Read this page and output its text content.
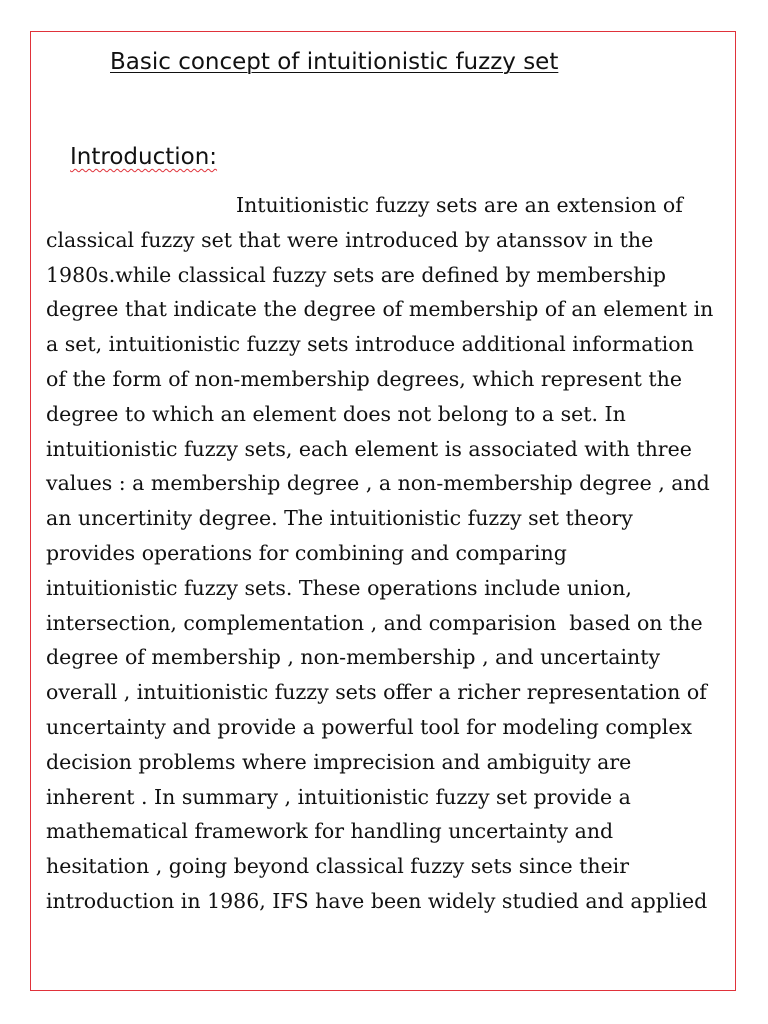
Basic concept of intuitionistic fuzzy set
Introduction:
Intuitionistic fuzzy sets are an extension of
classical fuzzy set that were introduced by atanssov in the
1980s.while classical fuzzy sets are defined by membership
degree that indicate the degree of membership of an element in
a set, intuitionistic fuzzy sets introduce additional information
of the form of non-membership degrees, which represent the
degree to which an element does not belong to a set. In
intuitionistic fuzzy sets, each element is associated with three
values : a membership degree , a non-membership degree , and
an uncertinity degree. The intuitionistic fuzzy set theory
provides operations for combining and comparing
intuitionistic fuzzy sets. These operations include union,
intersection, complementation , and comparision  based on the
degree of membership , non-membership , and uncertainty
overall , intuitionistic fuzzy sets offer a richer representation of
uncertainty and provide a powerful tool for modeling complex
decision problems where imprecision and ambiguity are
inherent . In summary , intuitionistic fuzzy set provide a
mathematical framework for handling uncertainty and
hesitation , going beyond classical fuzzy sets since their
introduction in 1986, IFS have been widely studied and applied
